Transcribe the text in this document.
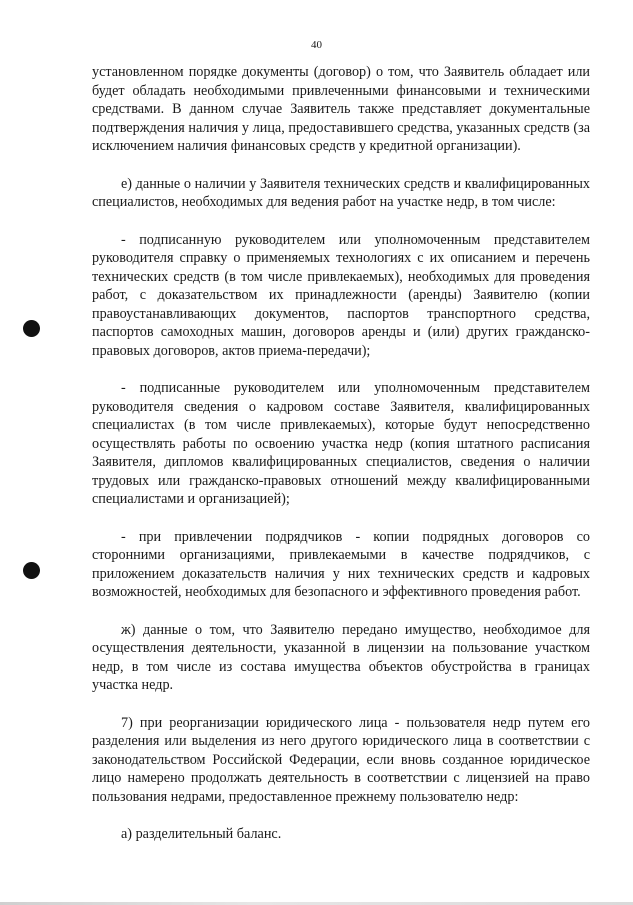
40

установленном порядке документы (договор) о том, что Заявитель обладает или будет обладать необходимыми привлеченными финансовыми и техническими средствами. В данном случае Заявитель также представляет документальные подтверждения наличия у лица, предоставившего средства, указанных средств (за исключением наличия финансовых средств у кредитной организации).

е) данные о наличии у Заявителя технических средств и квалифицированных специалистов, необходимых для ведения работ на участке недр, в том числе:

- подписанную руководителем или уполномоченным представителем руководителя справку о применяемых технологиях с их описанием и перечень технических средств (в том числе привлекаемых), необходимых для проведения работ, с доказательством их принадлежности (аренды) Заявителю (копии правоустанавливающих документов, паспортов транспортного средства, паспортов самоходных машин, договоров аренды и (или) других гражданско-правовых договоров, актов приема-передачи);

- подписанные руководителем или уполномоченным представителем руководителя сведения о кадровом составе Заявителя, квалифицированных специалистах (в том числе привлекаемых), которые будут непосредственно осуществлять работы по освоению участка недр (копия штатного расписания Заявителя, дипломов квалифицированных специалистов, сведения о наличии трудовых или гражданско-правовых отношений между квалифицированными специалистами и организацией);

- при привлечении подрядчиков - копии подрядных договоров со сторонними организациями, привлекаемыми в качестве подрядчиков, с приложением доказательств наличия у них технических средств и кадровых возможностей, необходимых для безопасного и эффективного проведения работ.

ж) данные о том, что Заявителю передано имущество, необходимое для осуществления деятельности, указанной в лицензии на пользование участком недр, в том числе из состава имущества объектов обустройства в границах участка недр.

7) при реорганизации юридического лица - пользователя недр путем его разделения или выделения из него другого юридического лица в соответствии с законодательством Российской Федерации, если вновь созданное юридическое лицо намерено продолжать деятельность в соответствии с лицензией на право пользования недрами, предоставленное прежнему пользователю недр:

а) разделительный баланс.
